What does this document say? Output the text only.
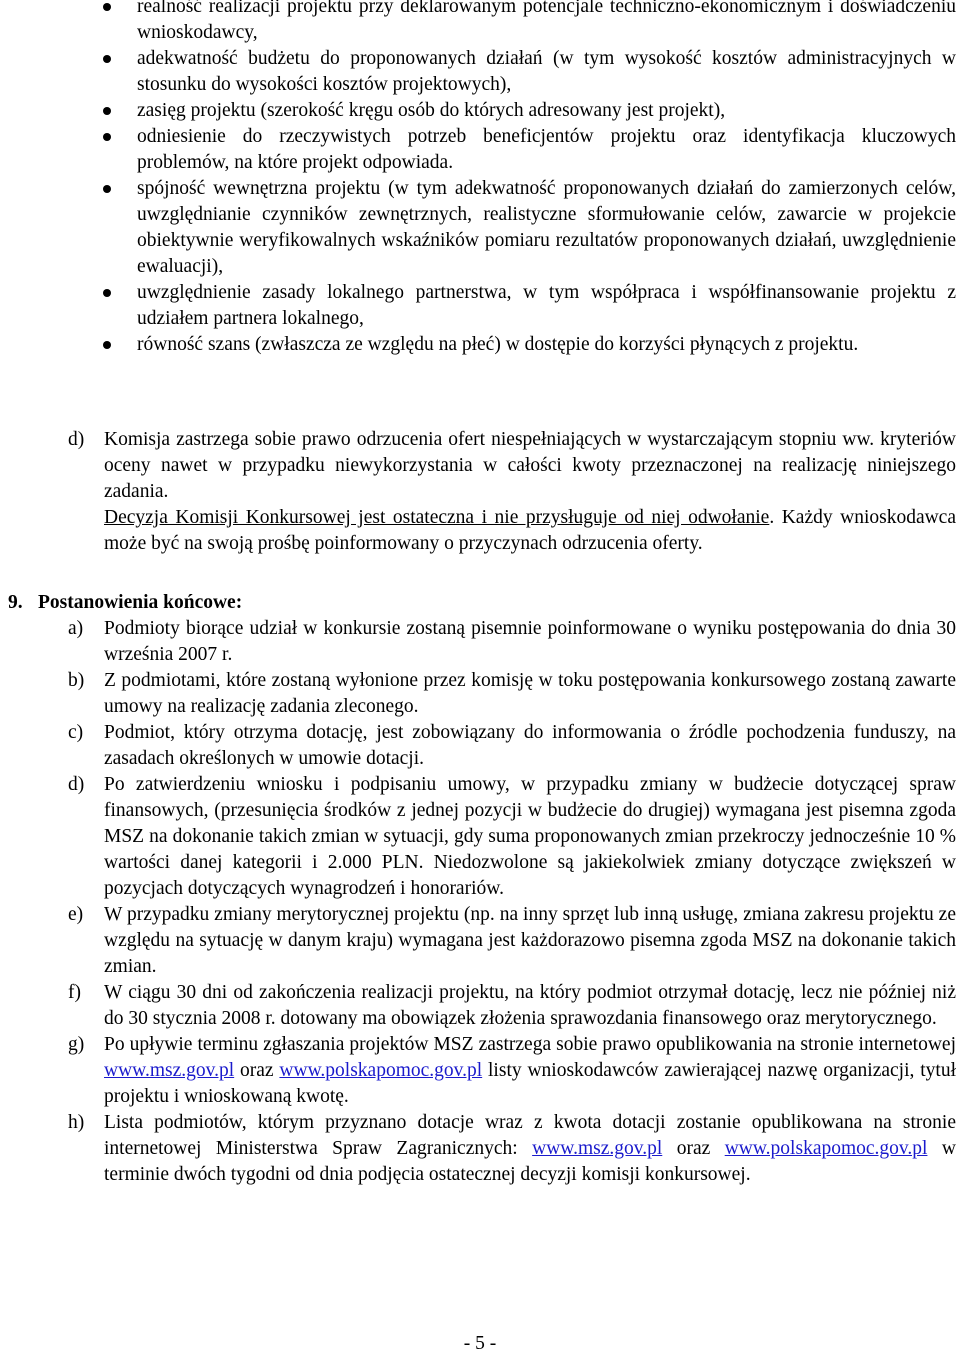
realność realizacji projektu przy deklarowanym potencjale techniczno-ekonomicznym i doświadczeniu wnioskodawcy,
adekwatność budżetu do proponowanych działań (w tym wysokość kosztów administracyjnych w stosunku do wysokości kosztów projektowych),
zasięg projektu (szerokość kręgu osób do których adresowany jest projekt),
odniesienie do rzeczywistych potrzeb beneficjentów projektu oraz identyfikacja kluczowych problemów, na które projekt odpowiada.
spójność wewnętrzna projektu (w tym adekwatność proponowanych działań do zamierzonych celów, uwzględnianie czynników zewnętrznych, realistyczne sformułowanie celów, zawarcie w projekcie obiektywnie weryfikowalnych wskaźników pomiaru rezultatów proponowanych działań, uwzględnienie ewaluacji),
uwzględnienie zasady lokalnego partnerstwa, w tym współpraca i współfinansowanie projektu z udziałem partnera lokalnego,
równość szans (zwłaszcza ze względu na płeć) w dostępie do korzyści płynących z projektu.
d) Komisja zastrzega sobie prawo odrzucenia ofert niespełniających w wystarczającym stopniu ww. kryteriów oceny nawet w przypadku niewykorzystania w całości kwoty przeznaczonej na realizację niniejszego zadania.

Decyzja Komisji Konkursowej jest ostateczna i nie przysługuje od niej odwołanie. Każdy wnioskodawca może być na swoją prośbę poinformowany o przyczynach odrzucenia oferty.

9. Postanowienia końcowe:
a) Podmioty biorące udział w konkursie zostaną pisemnie poinformowane o wyniku postępowania do dnia 30 września 2007 r.

b) Z podmiotami, które zostaną wyłonione przez komisję w toku postępowania konkursowego zostaną zawarte umowy na realizację zadania zleconego.

c) Podmiot, który otrzyma dotację, jest zobowiązany do informowania o źródle pochodzenia funduszy, na zasadach określonych w umowie dotacji.

d) Po zatwierdzeniu wniosku i podpisaniu umowy, w przypadku zmiany w budżecie dotyczącej spraw finansowych, (przesunięcia środków z jednej pozycji w budżecie do drugiej) wymagana jest pisemna zgoda MSZ na dokonanie takich zmian w sytuacji, gdy suma proponowanych zmian przekroczy jednocześnie 10 % wartości danej kategorii i 2.000 PLN. Niedozwolone są jakiekolwiek zmiany dotyczące zwiększeń w pozycjach dotyczących wynagrodzeń i honorariów.

e) W przypadku zmiany merytorycznej projektu (np. na inny sprzęt lub inną usługę, zmiana zakresu projektu ze względu na sytuację w danym kraju) wymagana jest każdorazowo pisemna zgoda MSZ na dokonanie takich zmian.

f) W ciągu 30 dni od zakończenia realizacji projektu, na który podmiot otrzymał dotację, lecz nie później niż do 30 stycznia 2008 r. dotowany ma obowiązek złożenia sprawozdania finansowego oraz merytorycznego.

g) Po upływie terminu zgłaszania projektów MSZ zastrzega sobie prawo opublikowania na stronie internetowej www.msz.gov.pl oraz www.polskapomoc.gov.pl listy wnioskodawców zawierającej nazwę organizacji, tytuł projektu i wnioskowaną kwotę.

h) Lista podmiotów, którym przyznano dotacje wraz z kwota dotacji zostanie opublikowana na stronie internetowej Ministerstwa Spraw Zagranicznych: www.msz.gov.pl oraz www.polskapomoc.gov.pl w terminie dwóch tygodni od dnia podjęcia ostatecznej decyzji komisji konkursowej.

- 5 -
